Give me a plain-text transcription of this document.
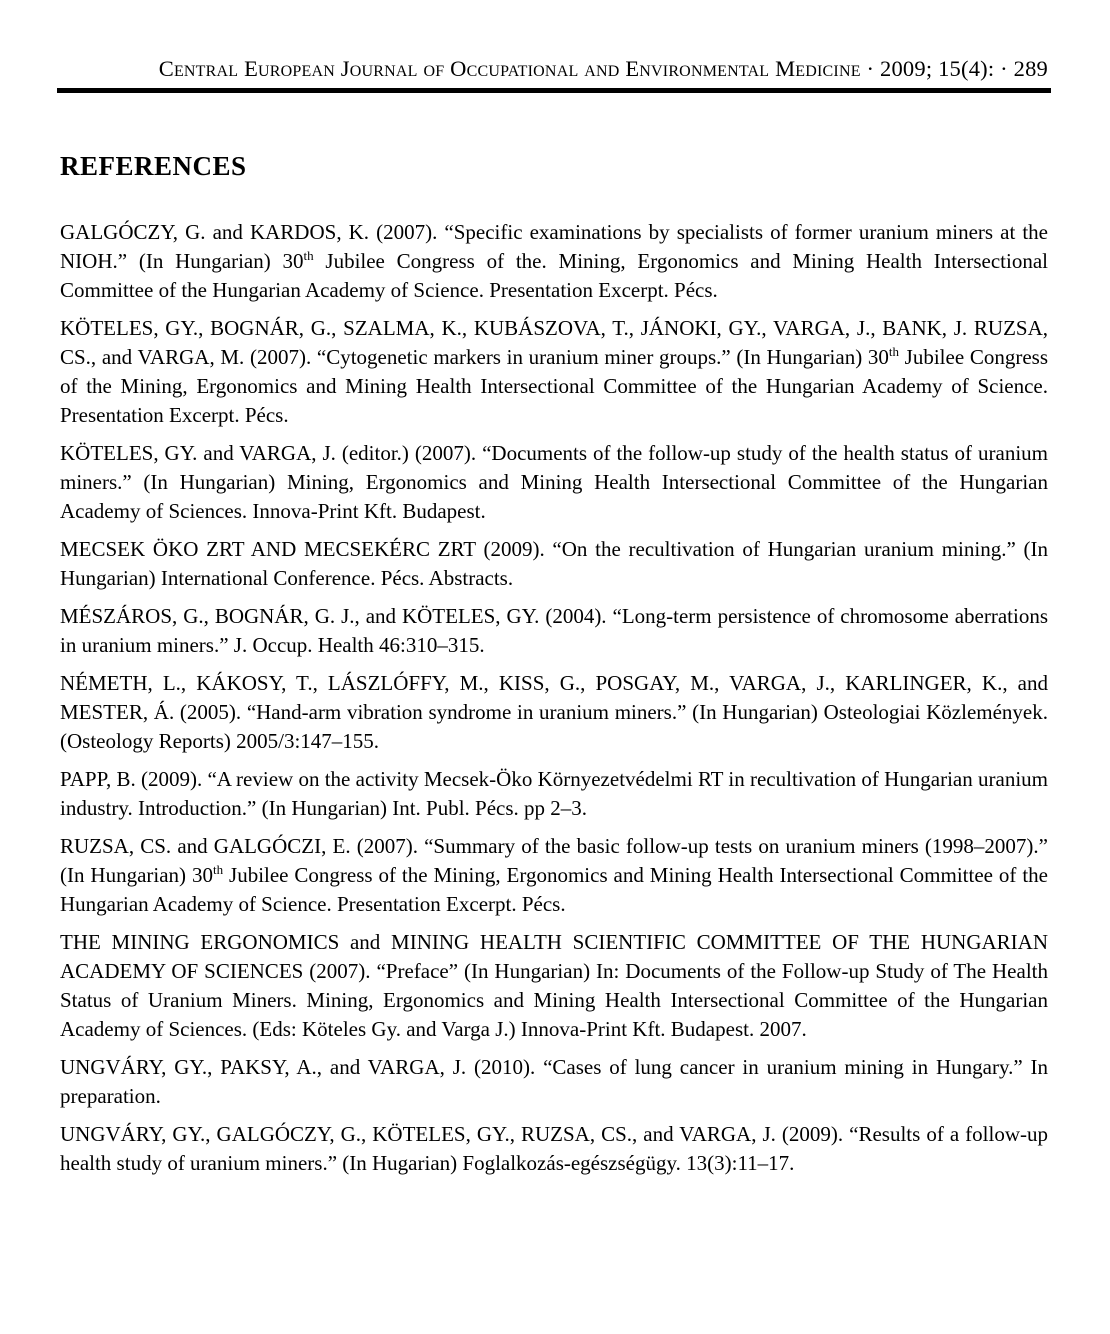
Central European Journal of Occupational and Environmental Medicine · 2009; 15(4): · 289
REFERENCES

GALGÓCZY, G. and KARDOS, K. (2007). “Specific examinations by specialists of former uranium miners at the NIOH.” (In Hungarian) 30th Jubilee Congress of the. Mining, Ergonomics and Mining Health Intersectional Committee of the Hungarian Academy of Science. Presentation Excerpt. Pécs.

KÖTELES, GY., BOGNÁR, G., SZALMA, K., KUBÁSZOVA, T., JÁNOKI, GY., VARGA, J., BANK, J. RUZSA, CS., and VARGA, M. (2007). “Cytogenetic markers in uranium miner groups.” (In Hungarian) 30th Jubilee Congress of the Mining, Ergonomics and Mining Health Intersectional Committee of the Hungarian Academy of Science. Presentation Excerpt. Pécs.

KÖTELES, GY. and VARGA, J. (editor.) (2007). “Documents of the follow-up study of the health status of uranium miners.” (In Hungarian) Mining, Ergonomics and Mining Health Intersectional Committee of the Hungarian Academy of Sciences. Innova-Print Kft. Budapest.

MECSEK ÖKO ZRT AND MECSEKÉRC ZRT (2009). “On the recultivation of Hungarian uranium mining.” (In Hungarian) International Conference. Pécs. Abstracts.

MÉSZÁROS, G., BOGNÁR, G. J., and KÖTELES, GY. (2004). “Long-term persistence of chromosome aberrations in uranium miners.” J. Occup. Health 46:310–315.

NÉMETH, L., KÁKOSY, T., LÁSZLÓFFY, M., KISS, G., POSGAY, M., VARGA, J., KARLINGER, K., and MESTER, Á. (2005). “Hand-arm vibration syndrome in uranium miners.” (In Hungarian) Osteologiai Közlemények. (Osteology Reports) 2005/3:147–155.

PAPP, B. (2009). “A review on the activity Mecsek-Öko Környezetvédelmi RT in recultivation of Hungarian uranium industry. Introduction.” (In Hungarian) Int. Publ. Pécs. pp 2–3.

RUZSA, CS. and GALGÓCZI, E. (2007). “Summary of the basic follow-up tests on uranium miners (1998–2007).” (In Hungarian) 30th Jubilee Congress of the Mining, Ergonomics and Mining Health Intersectional Committee of the Hungarian Academy of Science. Presentation Excerpt. Pécs.

THE MINING ERGONOMICS and MINING HEALTH SCIENTIFIC COMMITTEE OF THE HUNGARIAN ACADEMY OF SCIENCES (2007). “Preface” (In Hungarian) In: Documents of the Follow-up Study of The Health Status of Uranium Miners. Mining, Ergonomics and Mining Health Intersectional Committee of the Hungarian Academy of Sciences. (Eds: Köteles Gy. and Varga J.) Innova-Print Kft. Budapest. 2007.

UNGVÁRY, GY., PAKSY, A., and VARGA, J. (2010). “Cases of lung cancer in uranium mining in Hungary.” In preparation.

UNGVÁRY, GY., GALGÓCZY, G., KÖTELES, GY., RUZSA, CS., and VARGA, J. (2009). “Results of a follow-up health study of uranium miners.” (In Hugarian) Foglalkozás-egészségügy. 13(3):11–17.
